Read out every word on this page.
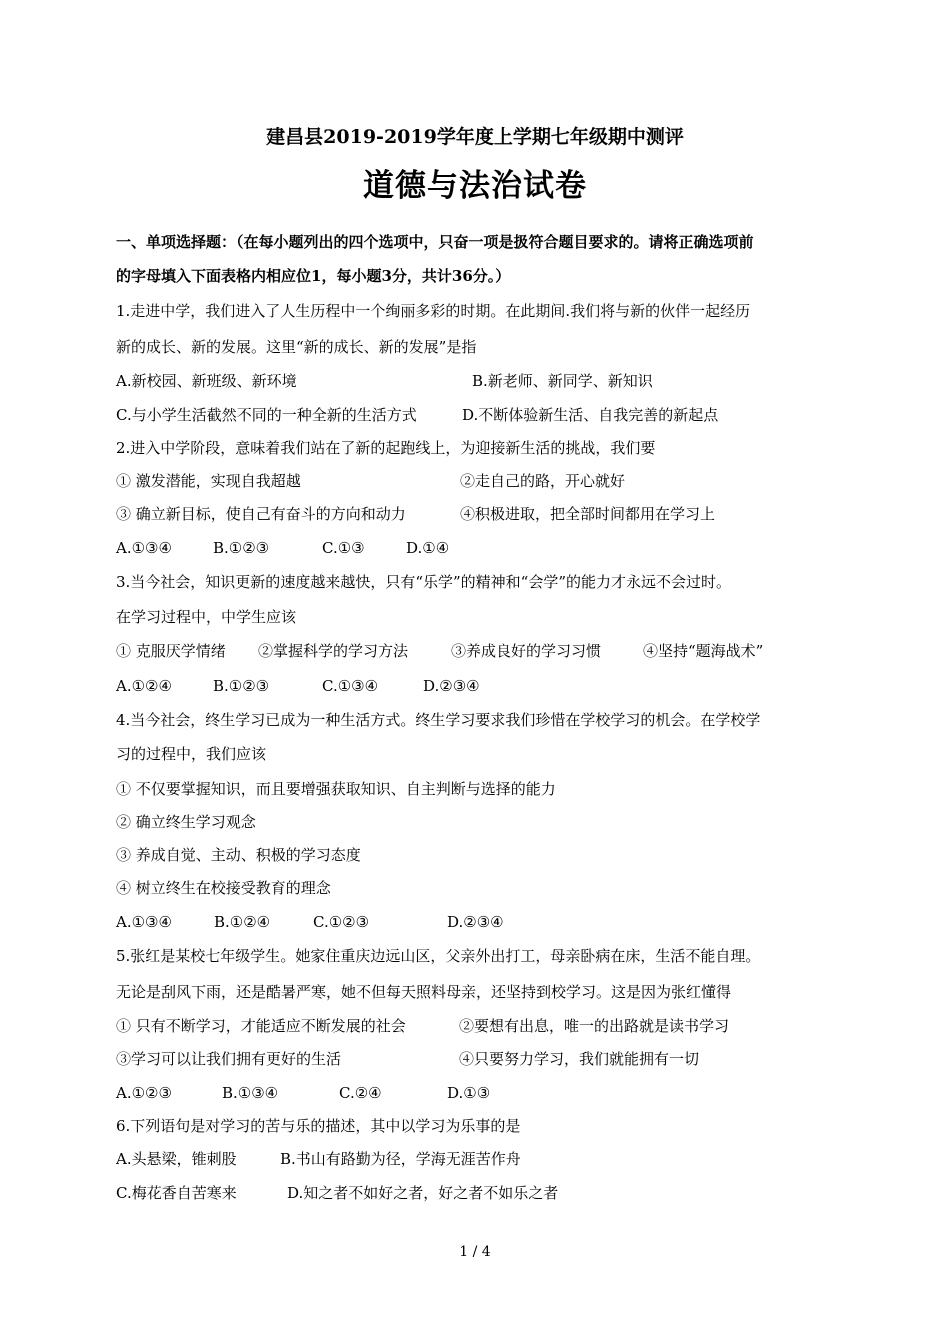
建昌县2019-2019学年度上学期七年级期中测评
道德与法治试卷
一、单项选择题：（在每小题列出的四个选项中，只奋一项是扱符合题目要求的。请将正确选项前
的字母填入下面表格内相应位1，每小题3分，共计36分。）
1.走进中学，我们进入了人生历程中一个绚丽多彩的时期。在此期间.我们将与新的伙伴一起经历
新的成长、新的发展。这里“新的成长、新的发展”是指
A.新校园、新班级、新环境	B.新老师、新同学、新知识
C.与小学生活截然不同的一种全新的生活方式	D.不断体验新生活、自我完善的新起点
2.进入中学阶段，意味着我们站在了新的起跑线上，为迎接新生活的挑战，我们要
① 激发潜能，实现自我超越	②走自己的路，开心就好
③ 确立新目标，使自己有奋斗的方向和动力	④积极进取，把全部时间都用在学习上
A.①③④	B.①②③	C.①③	D.①④
3.当今社会，知识更新的速度越来越快，只有“乐学”的精神和“会学”的能力才永远不会过时。
在学习过程中，中学生应该
① 克服厌学情绪 ②掌握科学的学习方法	③养成良好的学习习惯	④坚持“题海战术”
A.①②④	B.①②③	C.①③④	D.②③④
4.当今社会，终生学习已成为一种生活方式。终生学习要求我们珍惜在学校学习的机会。在学校学
习的过程中，我们应该
① 不仅要掌握知识，而且要增强获取知识、自主判断与选择的能力
② 确立终生学习观念
③ 养成自觉、主动、积极的学习态度
④ 树立终生在校接受教育的理念
A.①③④	B.①②④	C.①②③	D.②③④
5.张红是某校七年级学生。她家住重庆边远山区，父亲外出打工，母亲卧病在床，生活不能自理。
无论是刮风下雨，还是酷暑严寒，她不但每天照料母亲，还坚持到校学习。这是因为张红懂得
① 只有不断学习，才能适应不断发展的社会	②要想有出息，唯一的出路就是读书学习
③学习可以让我们拥有更好的生活	④只要努力学习，我们就能拥有一切
A.①②③	B.①③④	C.②④	D.①③
6.下列语句是对学习的苦与乐的描述，其中以学习为乐事的是
A.头悬梁，锥刺股	B.书山有路勤为径，学海无涯苦作舟
C.梅花香自苦寒来	D.知之者不如好之者，好之者不如乐之者
1 / 4
